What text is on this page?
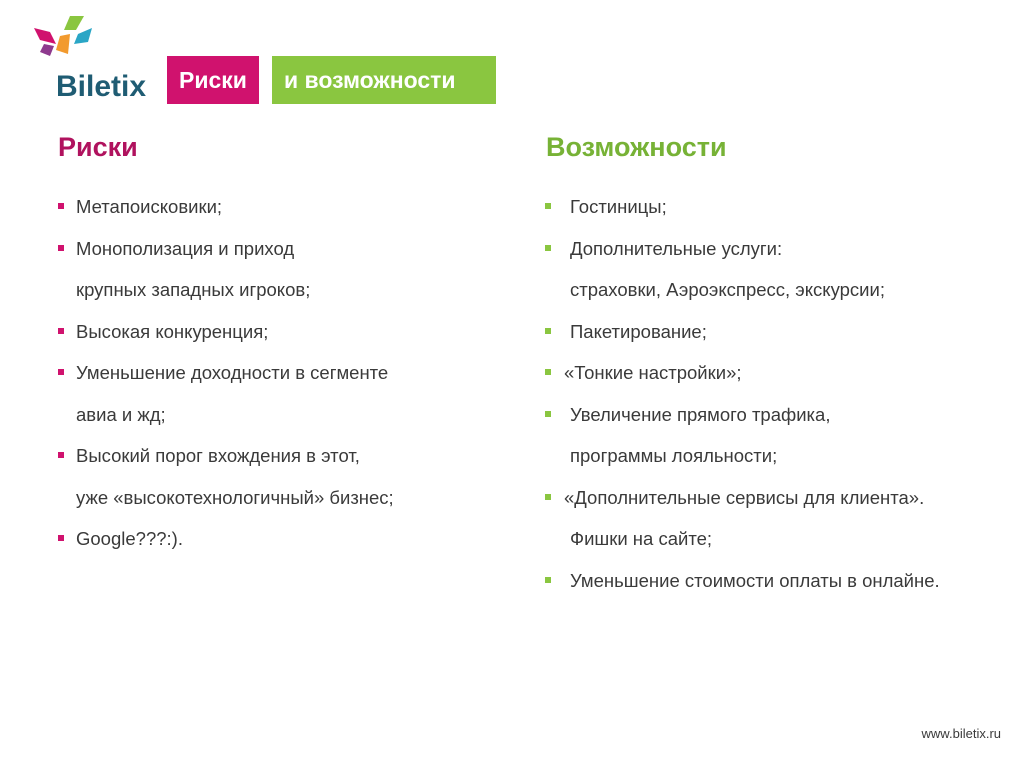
Biletix	Риски	и возможности
Риски	Возможности
Метапоисковики;
Монополизация и приход
крупных западных игроков;
Высокая конкуренция;
Уменьшение доходности в сегменте
авиа и жд;
Высокий порог вхождения в этот,
уже «высокотехнологичный» бизнес;
Google???:).
Гостиницы;
Дополнительные услуги:
страховки, Аэроэкспресс, экскурсии;
Пакетирование;
«Тонкие настройки»;
Увеличение прямого трафика,
программы лояльности;
«Дополнительные сервисы для клиента».
Фишки на сайте;
Уменьшение стоимости оплаты в онлайне.
www.biletix.ru
